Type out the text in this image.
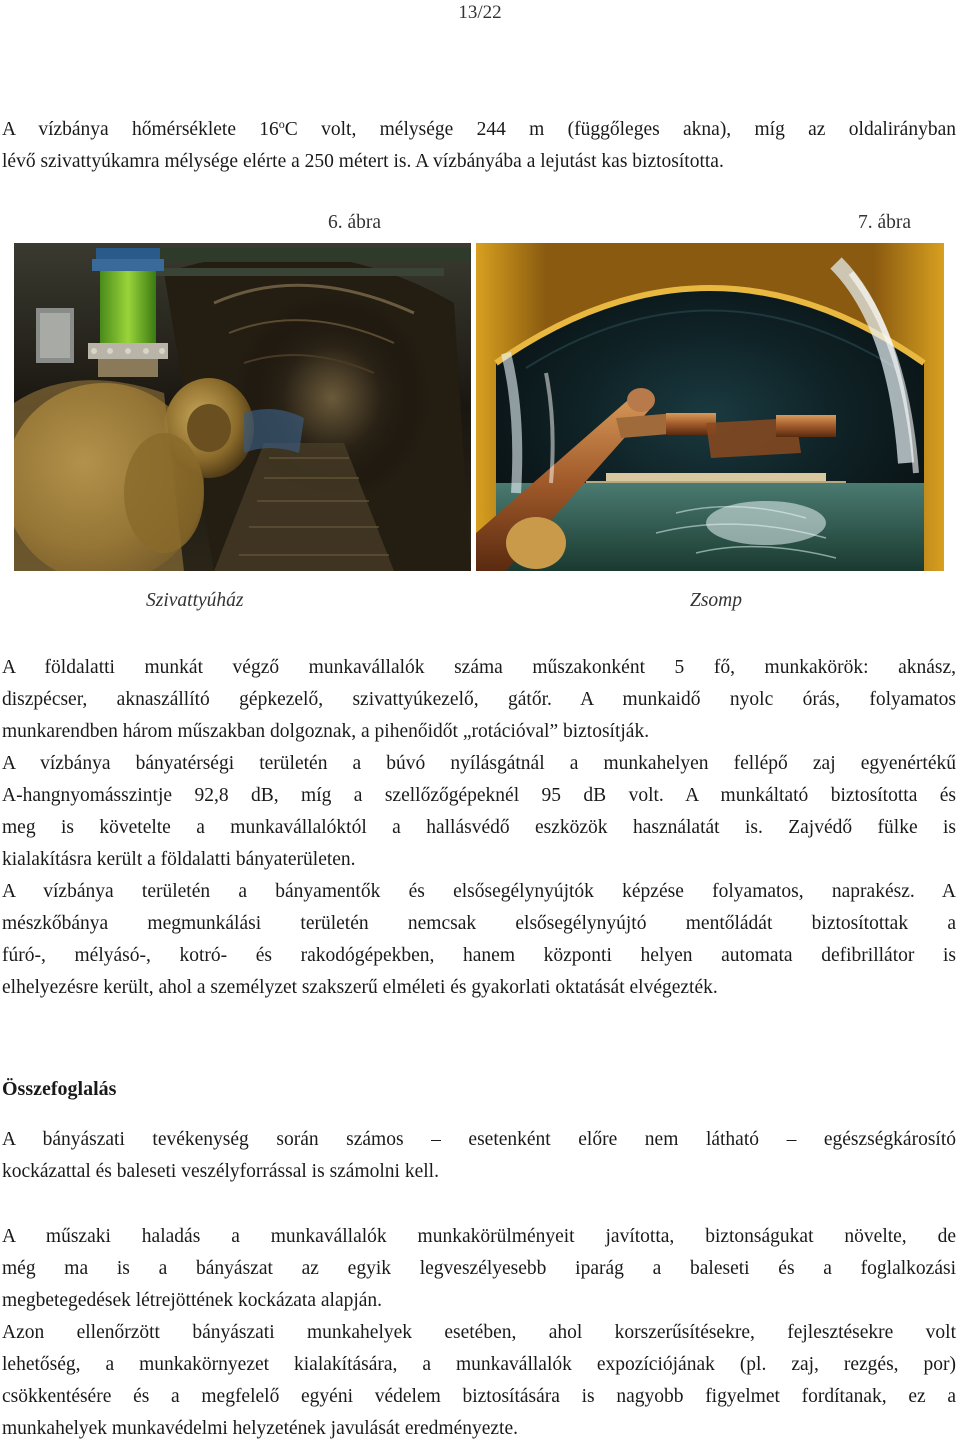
13/22
A vízbánya hőmérséklete 16$^o$C volt, mélysége 244 m (függőleges akna), míg az oldalirányban
lévő szivattyúkamra mélysége elérte a 250 métert is. A vízbányába a lejutást kas biztosította.
6. ábra	7. ábra
Szivattyúház	Zsomp
A földalatti munkát végző munkavállalók száma műszakonként 5 fő, munkakörök: aknász,
diszpécser, aknaszállító gépkezelő, szivattyúkezelő, gátőr. A munkaidő nyolc órás, folyamatos
munkarendben három műszakban dolgoznak, a pihenőidőt „rotációval” biztosítják.
A vízbánya bányatérségi területén a búvó nyílásgátnál a munkahelyen fellépő zaj egyenértékű
A-hangnyomásszintje 92,8 dB, míg a szellőzőgépeknél 95 dB volt. A munkáltató biztosította és
meg is követelte a munkavállalóktól a hallásvédő eszközök használatát is. Zajvédő fülke is
kialakításra került a földalatti bányaterületen.
A vízbánya területén a bányamentők és elsősegélynyújtók képzése folyamatos, naprakész. A
mészkőbánya megmunkálási területén nemcsak elsősegélynyújtó mentőládát biztosítottak a
fúró-, mélyásó-, kotró- és rakodógépekben, hanem központi helyen automata defibrillátor is
elhelyezésre került, ahol a személyzet szakszerű elméleti és gyakorlati oktatását elvégezték.
Összefoglalás
A bányászati tevékenység során számos – esetenként előre nem látható – egészségkárosító
kockázattal és baleseti veszélyforrással is számolni kell.
A műszaki haladás a munkavállalók munkakörülményeit javította, biztonságukat növelte, de
még ma is a bányászat az egyik legveszélyesebb iparág a baleseti és a foglalkozási
megbetegedések létrejöttének kockázata alapján.
Azon ellenőrzött bányászati munkahelyek esetében, ahol korszerűsítésekre, fejlesztésekre volt
lehetőség, a munkakörnyezet kialakítására, a munkavállalók expozíciójának (pl. zaj, rezgés, por)
csökkentésére és a megfelelő egyéni védelem biztosítására is nagyobb figyelmet fordítanak, ez a
munkahelyek munkavédelmi helyzetének javulását eredményezte.
